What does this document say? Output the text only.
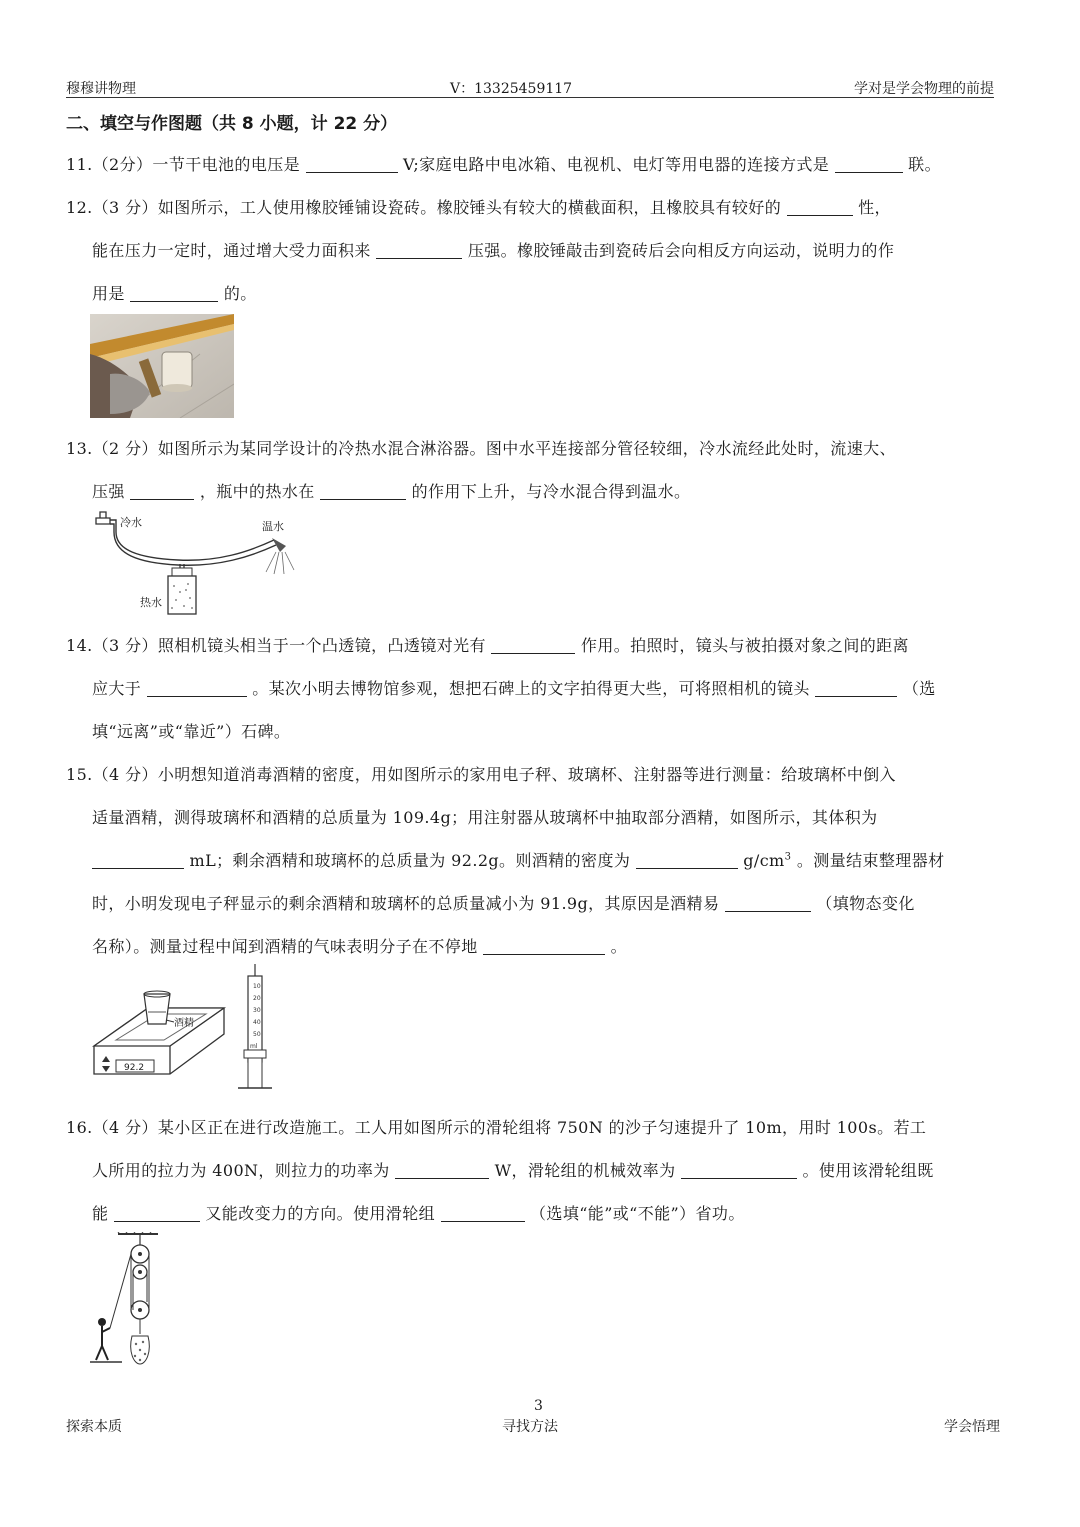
穆穆讲物理	V：13325459117	学对是学会物理的前提
二、填空与作图题（共 8 小题，计 22 分）
11.（2分）一节干电池的电压是	V;家庭电路中电冰箱、电视机、电灯等用电器的连接方式是	联。
12.（3 分）如图所示，工人使用橡胶锤铺设瓷砖。橡胶锤头有较大的横截面积，且橡胶具有较好的	性，
能在压力一定时，通过增大受力面积来	压强。橡胶锤敲击到瓷砖后会向相反方向运动，说明力的作
用是	的。
13.（2 分）如图所示为某同学设计的冷热水混合淋浴器。图中水平连接部分管径较细，冷水流经此处时，流速大、
压强	，瓶中的热水在	的作用下上升，与冷水混合得到温水。
冷水	温水
热水
14.（3 分）照相机镜头相当于一个凸透镜，凸透镜对光有	作用。拍照时，镜头与被拍摄对象之间的距离
应大于	。某次小明去博物馆参观，想把石碑上的文字拍得更大些，可将照相机的镜头	（选
填“远离”或“靠近”）石碑。
15.（4 分）小明想知道消毒酒精的密度，用如图所示的家用电子秤、玻璃杯、注射器等进行测量：给玻璃杯中倒入
适量酒精，测得玻璃杯和酒精的总质量为 109.4g；用注射器从玻璃杯中抽取部分酒精，如图所示，其体积为
mL；剩余酒精和玻璃杯的总质量为 92.2g。则酒精的密度为	$g/cm^3$ 。测量结束整理器材
时，小明发现电子秤显示的剩余酒精和玻璃杯的总质量减小为 91.9g，其原因是酒精易	（填物态变化
名称）。测量过程中闻到酒精的气味表明分子在不停地	。
酒精
92.2
10
20
30
40
50
ml
16.（4 分）某小区正在进行改造施工。工人用如图所示的滑轮组将 750N 的沙子匀速提升了 10m，用时 100s。若工
人所用的拉力为 400N，则拉力的功率为	W，滑轮组的机械效率为	。使用该滑轮组既
能	又能改变力的方向。使用滑轮组	（选填“能”或“不能”）省功。
3
探索本质	寻找方法	学会悟理
